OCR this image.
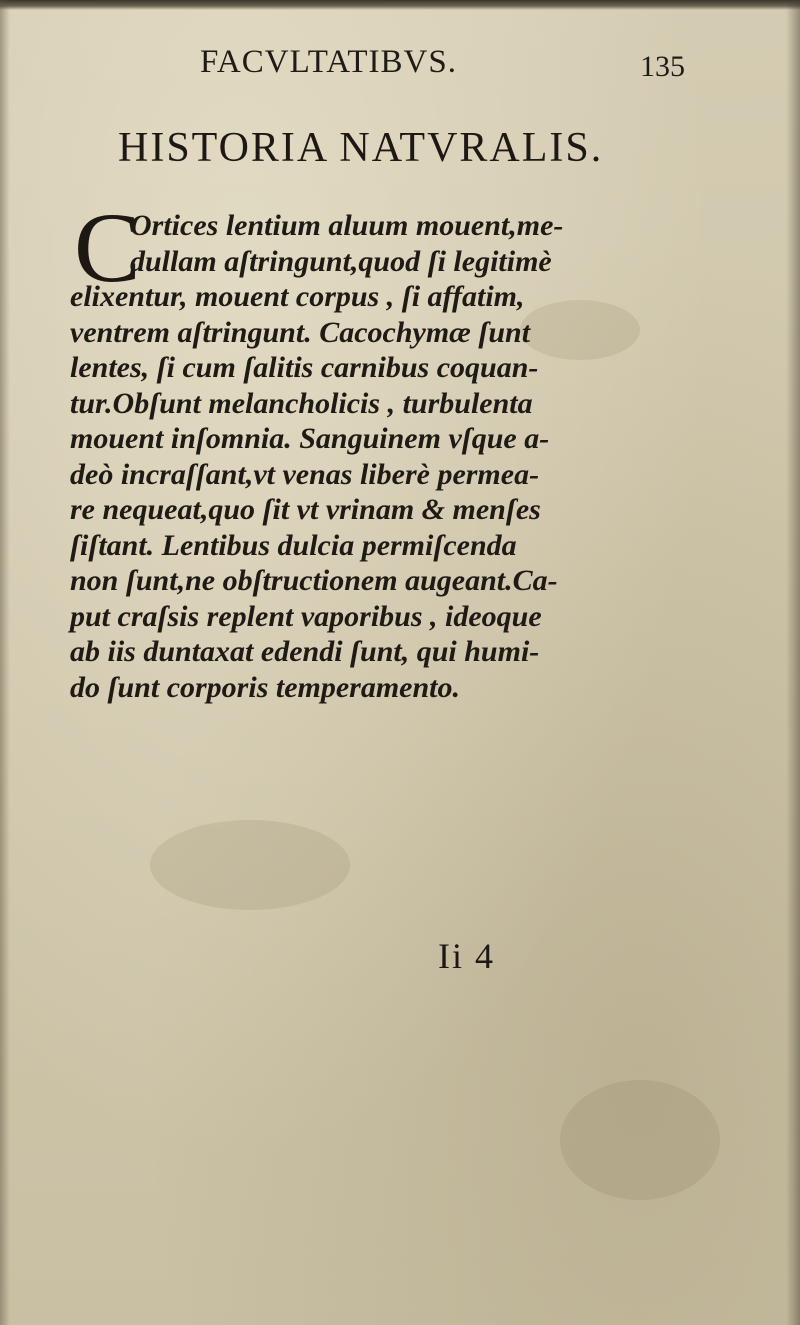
FACVLTATIBVS.	135
HISTORIA NATVRALIS.
C
Ortices lentium aluum mouent,me-
dullam aſtringunt,quod ſi legitimè
elixentur, mouent corpus , ſi affatim,
ventrem aſtringunt. Cacochymæ ſunt
lentes, ſi cum ſalitis carnibus coquan-
tur.Obſunt melancholicis , turbulenta
mouent inſomnia. Sanguinem vſque a-
deò incraſſant,vt venas liberè permea-
re nequeat,quo ſit vt vrinam & menſes
ſiſtant. Lentibus dulcia permiſcenda
non ſunt,ne obſtructionem augeant.Ca-
put craſsis replent vaporibus , ideoque
ab iis duntaxat edendi ſunt, qui humi-
do ſunt corporis temperamento.
Ii 4
